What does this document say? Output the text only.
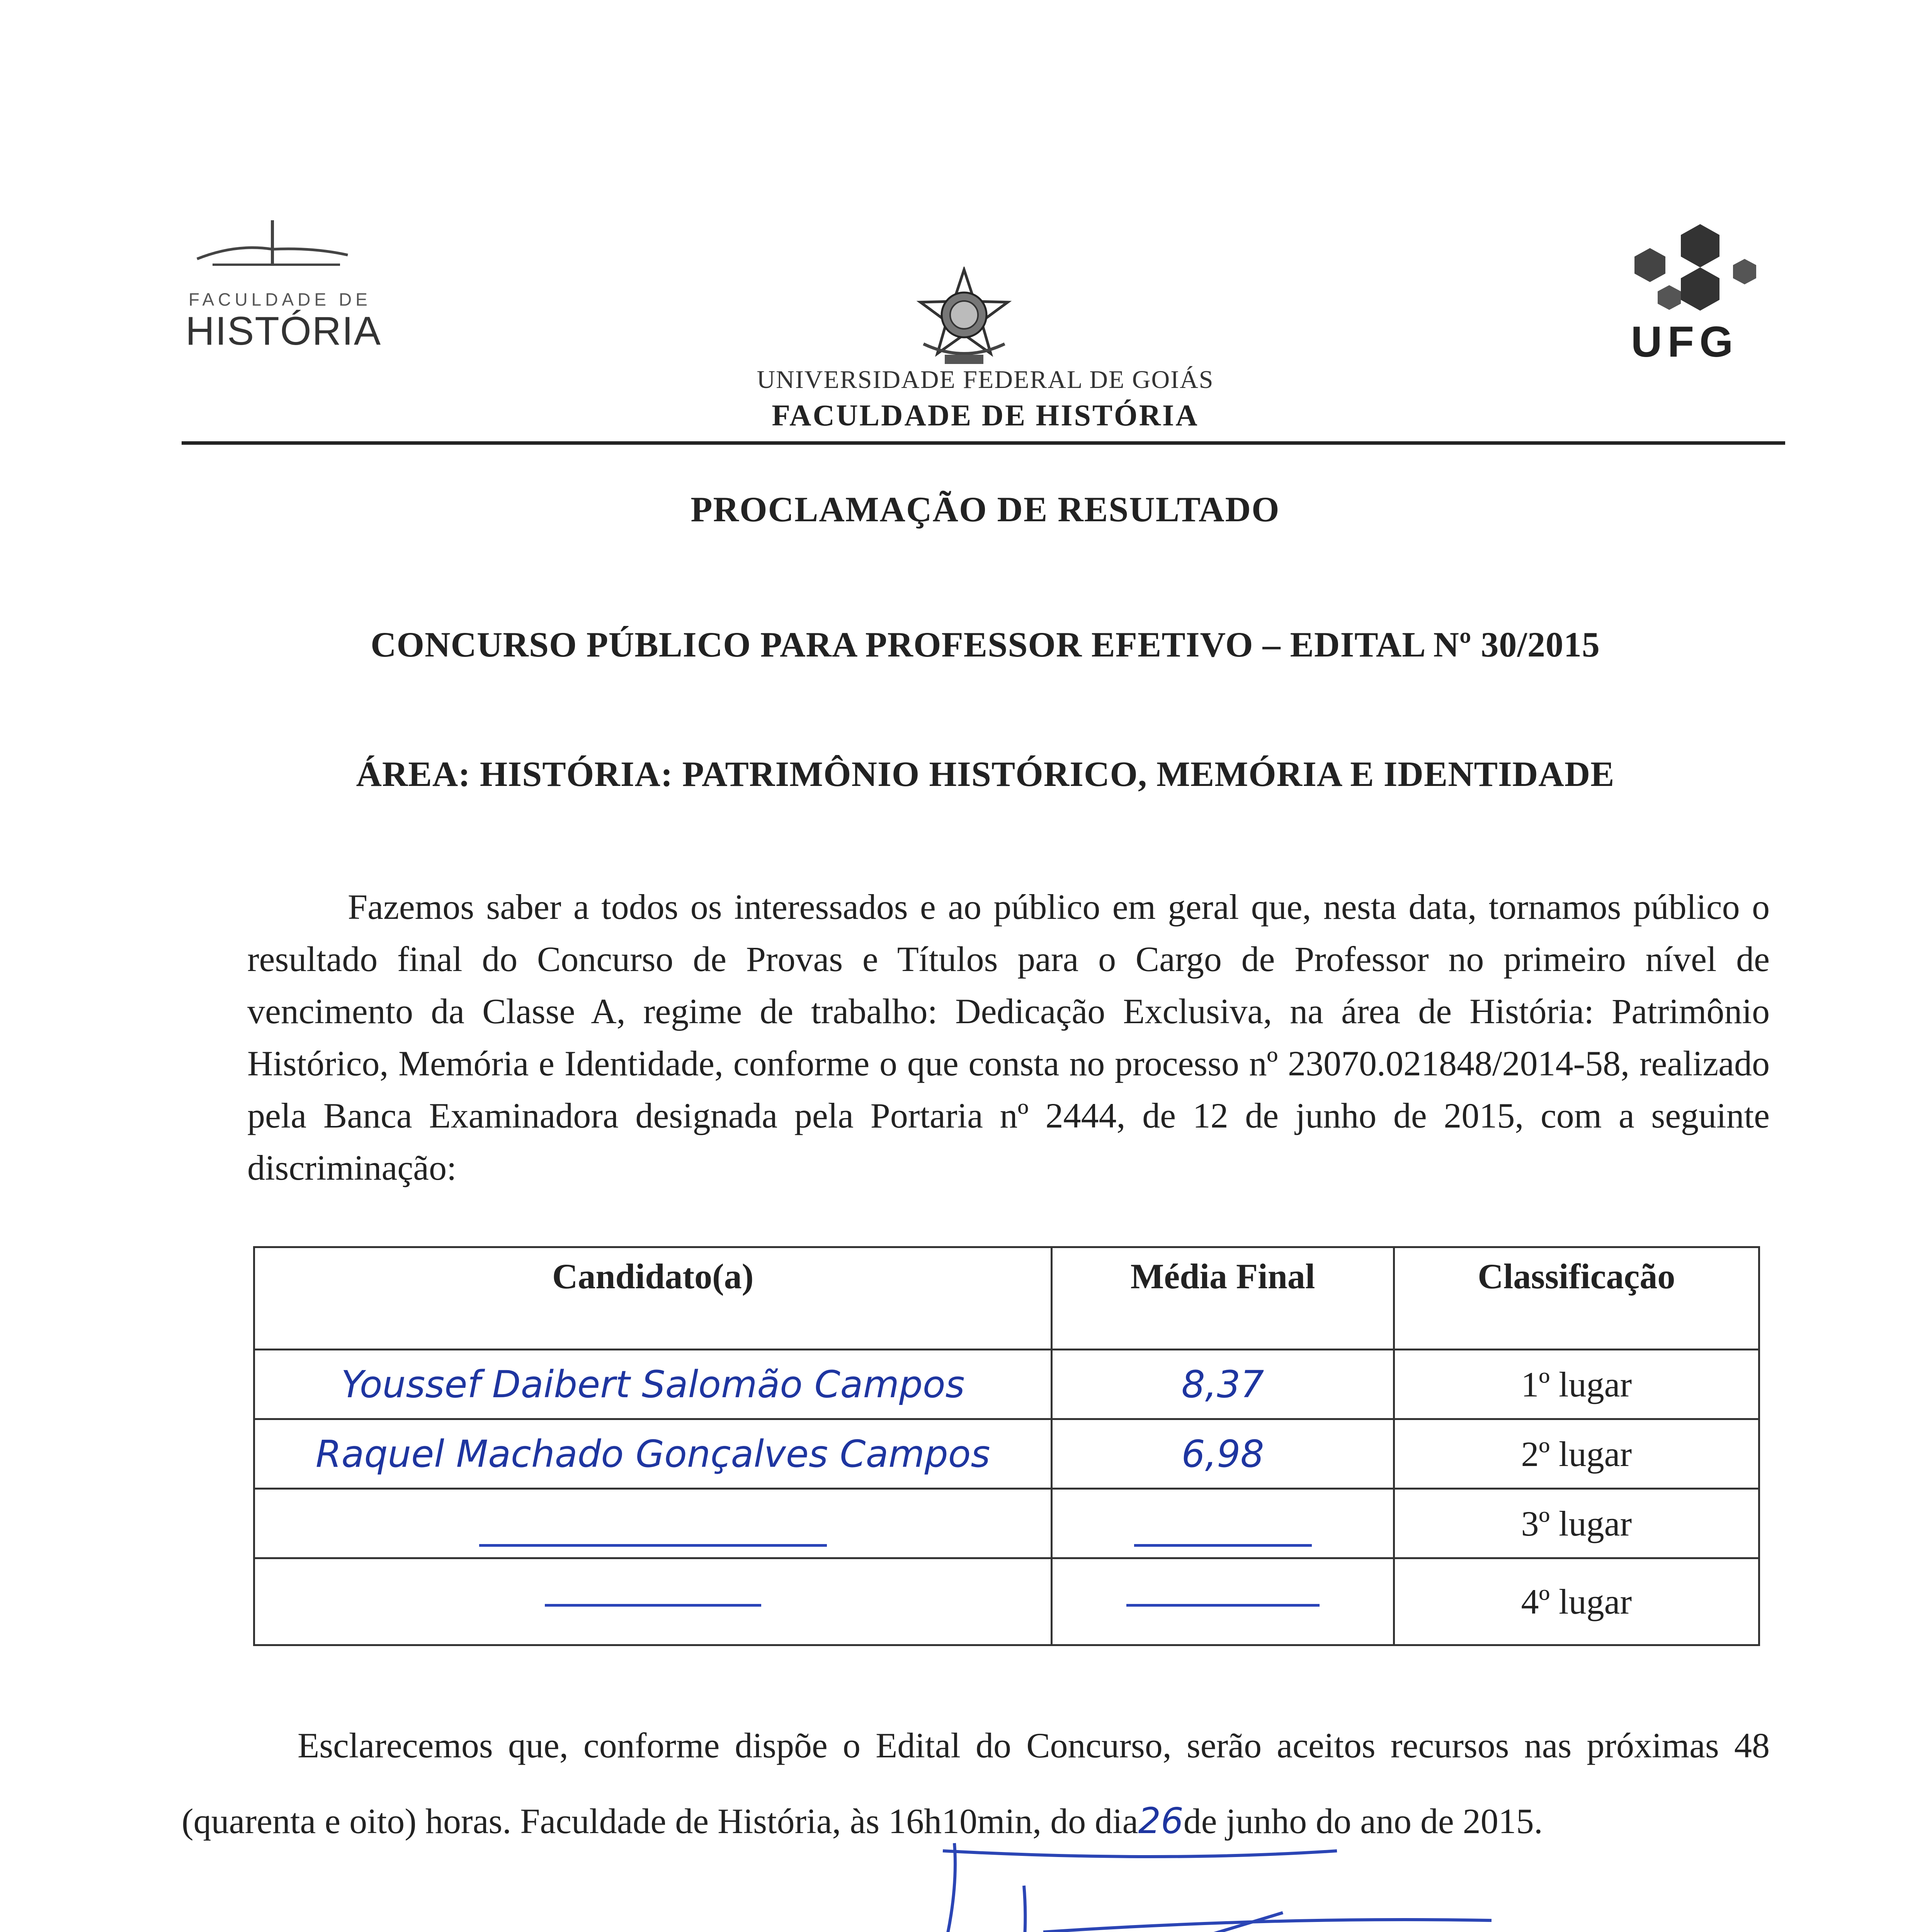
FACULDADE DE
HISTÓRIA	UFG
UNIVERSIDADE FEDERAL DE GOIÁS
FACULDADE DE HISTÓRIA
PROCLAMAÇÃO DE RESULTADO
CONCURSO PÚBLICO PARA PROFESSOR EFETIVO – EDITAL Nº 30/2015
ÁREA: HISTÓRIA: PATRIMÔNIO HISTÓRICO, MEMÓRIA E IDENTIDADE
Fazemos saber a todos os interessados e ao público em geral que, nesta data, tornamos público o resultado final do Concurso de Provas e Títulos para o Cargo de Professor no primeiro nível de vencimento da Classe A, regime de trabalho: Dedicação Exclusiva, na área de História: Patrimônio Histórico, Memória e Identidade, conforme o que consta no processo nº 23070.021848/2014-58, realizado pela Banca Examinadora designada pela Portaria nº 2444, de 12 de junho de 2015, com a seguinte discriminação:
Candidato(a)	Média Final	Classificação
Youssef Daibert Salomão Campos	8,37	1º lugar
Raquel Machado Gonçalves Campos	6,98	2º lugar
		3º lugar
		4º lugar
Esclarecemos que, conforme dispõe o Edital do Concurso, serão aceitos recursos nas próximas 48 (quarenta e oito) horas. Faculdade de História, às 16h10min, do dia26de junho do ano de 2015.
